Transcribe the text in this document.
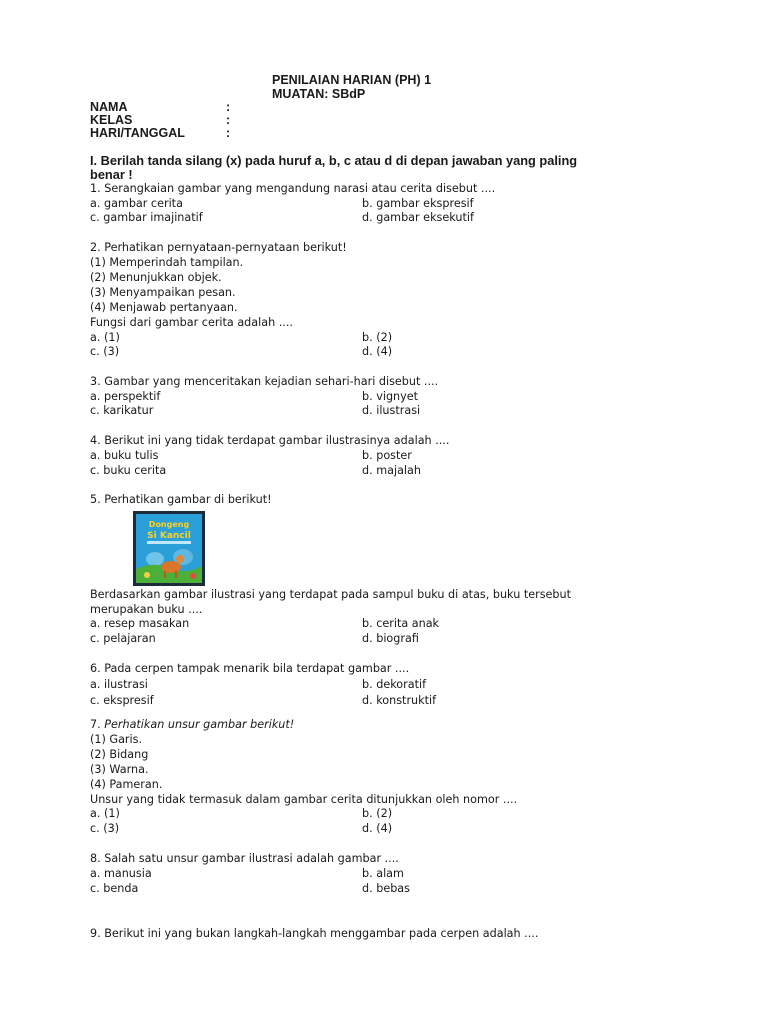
PENILAIAN HARIAN (PH) 1
MUATAN: SBdP
NAMA	:
KELAS	:
HARI/TANGGAL	:
I. Berilah tanda silang (x) pada huruf a, b, c atau d di depan jawaban yang paling
benar !
1. Serangkaian gambar yang mengandung narasi atau cerita disebut ....
a. gambar cerita	b. gambar ekspresif
c. gambar imajinatif	d. gambar eksekutif
2. Perhatikan pernyataan-pernyataan berikut!
(1) Memperindah tampilan.
(2) Menunjukkan objek.
(3) Menyampaikan pesan.
(4) Menjawab pertanyaan.
Fungsi dari gambar cerita adalah ....
a. (1)	b. (2)
c. (3)	d. (4)
3. Gambar yang menceritakan kejadian sehari-hari disebut ....
a. perspektif	b. vignyet
c. karikatur	d. ilustrasi
4. Berikut ini yang tidak terdapat gambar ilustrasinya adalah ....
a. buku tulis	b. poster
c. buku cerita	d. majalah
5. Perhatikan gambar di berikut!
Dongeng
Si Kancil
Berdasarkan gambar ilustrasi yang terdapat pada sampul buku di atas, buku tersebut
merupakan buku ....
a. resep masakan	b. cerita anak
c. pelajaran	d. biografi
6. Pada cerpen tampak menarik bila terdapat gambar ....
a. ilustrasi	b. dekoratif
c. ekspresif	d. konstruktif
7. Perhatikan unsur gambar berikut!
(1) Garis.
(2) Bidang
(3) Warna.
(4) Pameran.
Unsur yang tidak termasuk dalam gambar cerita ditunjukkan oleh nomor ....
a. (1)	b. (2)
c. (3)	d. (4)
8. Salah satu unsur gambar ilustrasi adalah gambar ....
a. manusia	b. alam
c. benda	d. bebas
9. Berikut ini yang bukan langkah-langkah menggambar pada cerpen adalah ....
